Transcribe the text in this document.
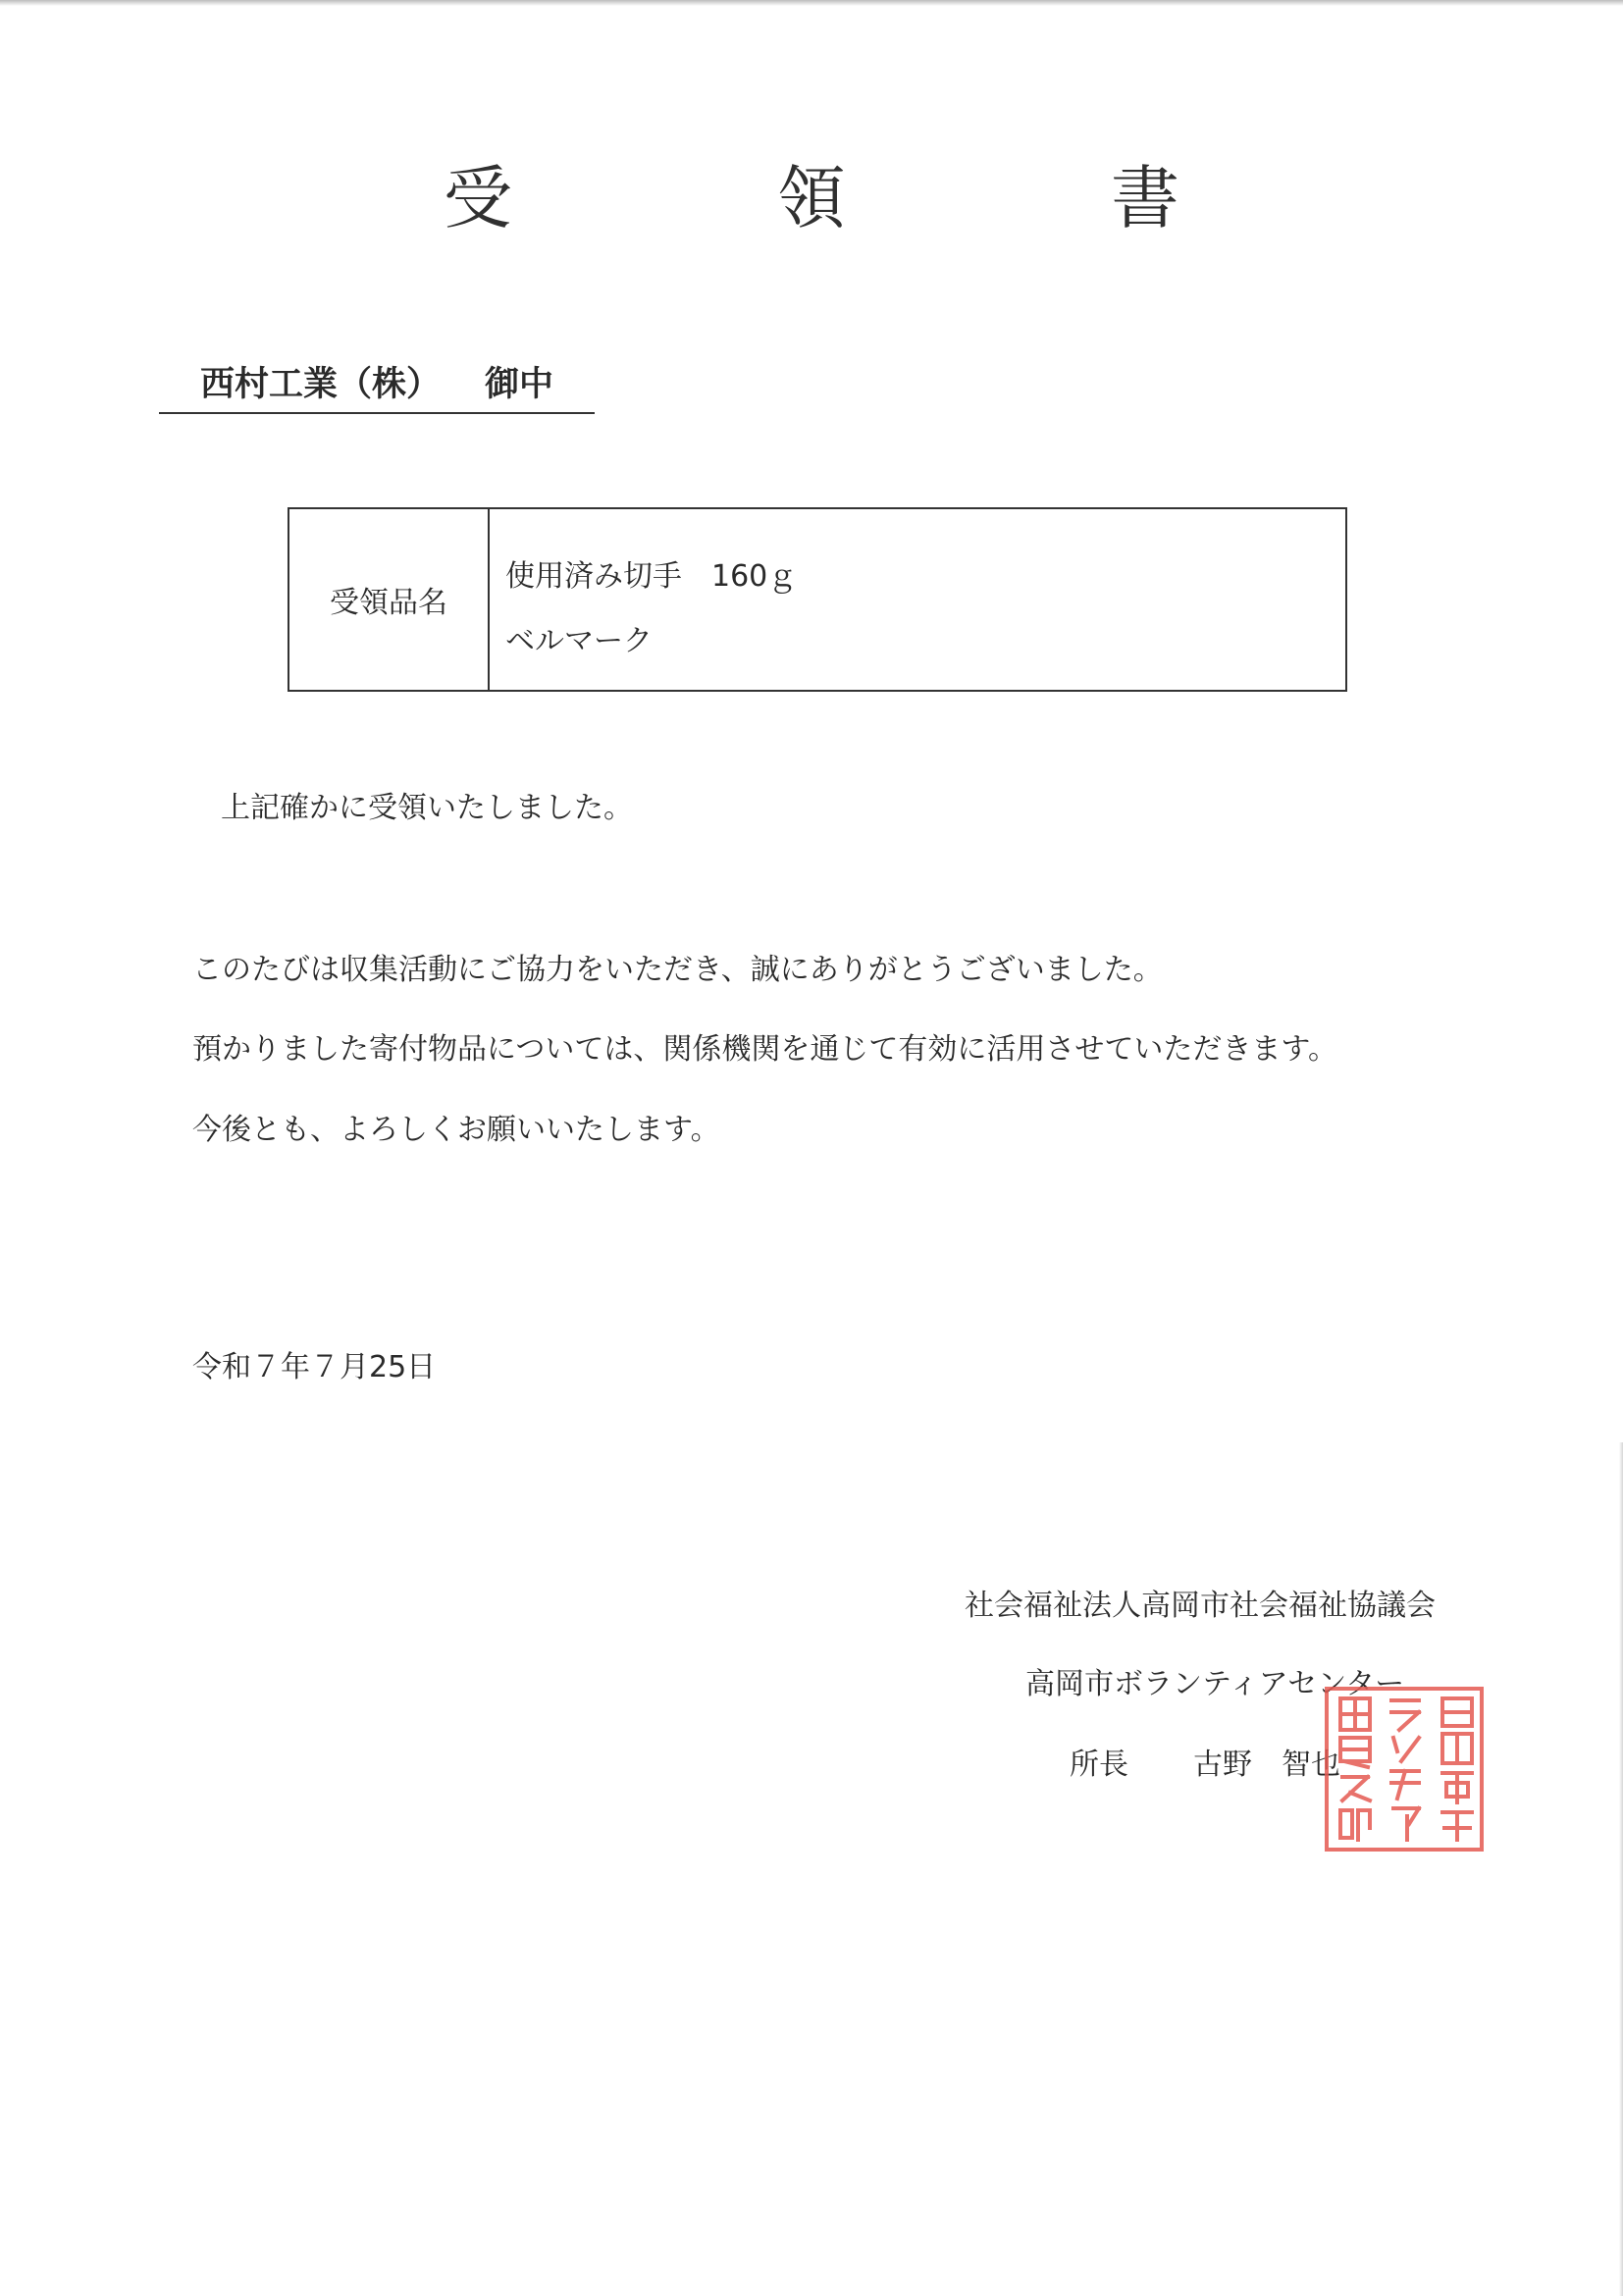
受　領　書
西村工業（株） 御中
受領品名
使用済み切手　160ｇ
ベルマーク
上記確かに受領いたしました。
このたびは収集活動にご協力をいただき、誠にありがとうございました。
預かりました寄付物品については、関係機関を通じて有効に活用させていただきます。
今後とも、よろしくお願いいたします。
令和７年７月25日
社会福祉法人高岡市社会福祉協議会
高岡市ボランティアセンター
所長 古野　智也
